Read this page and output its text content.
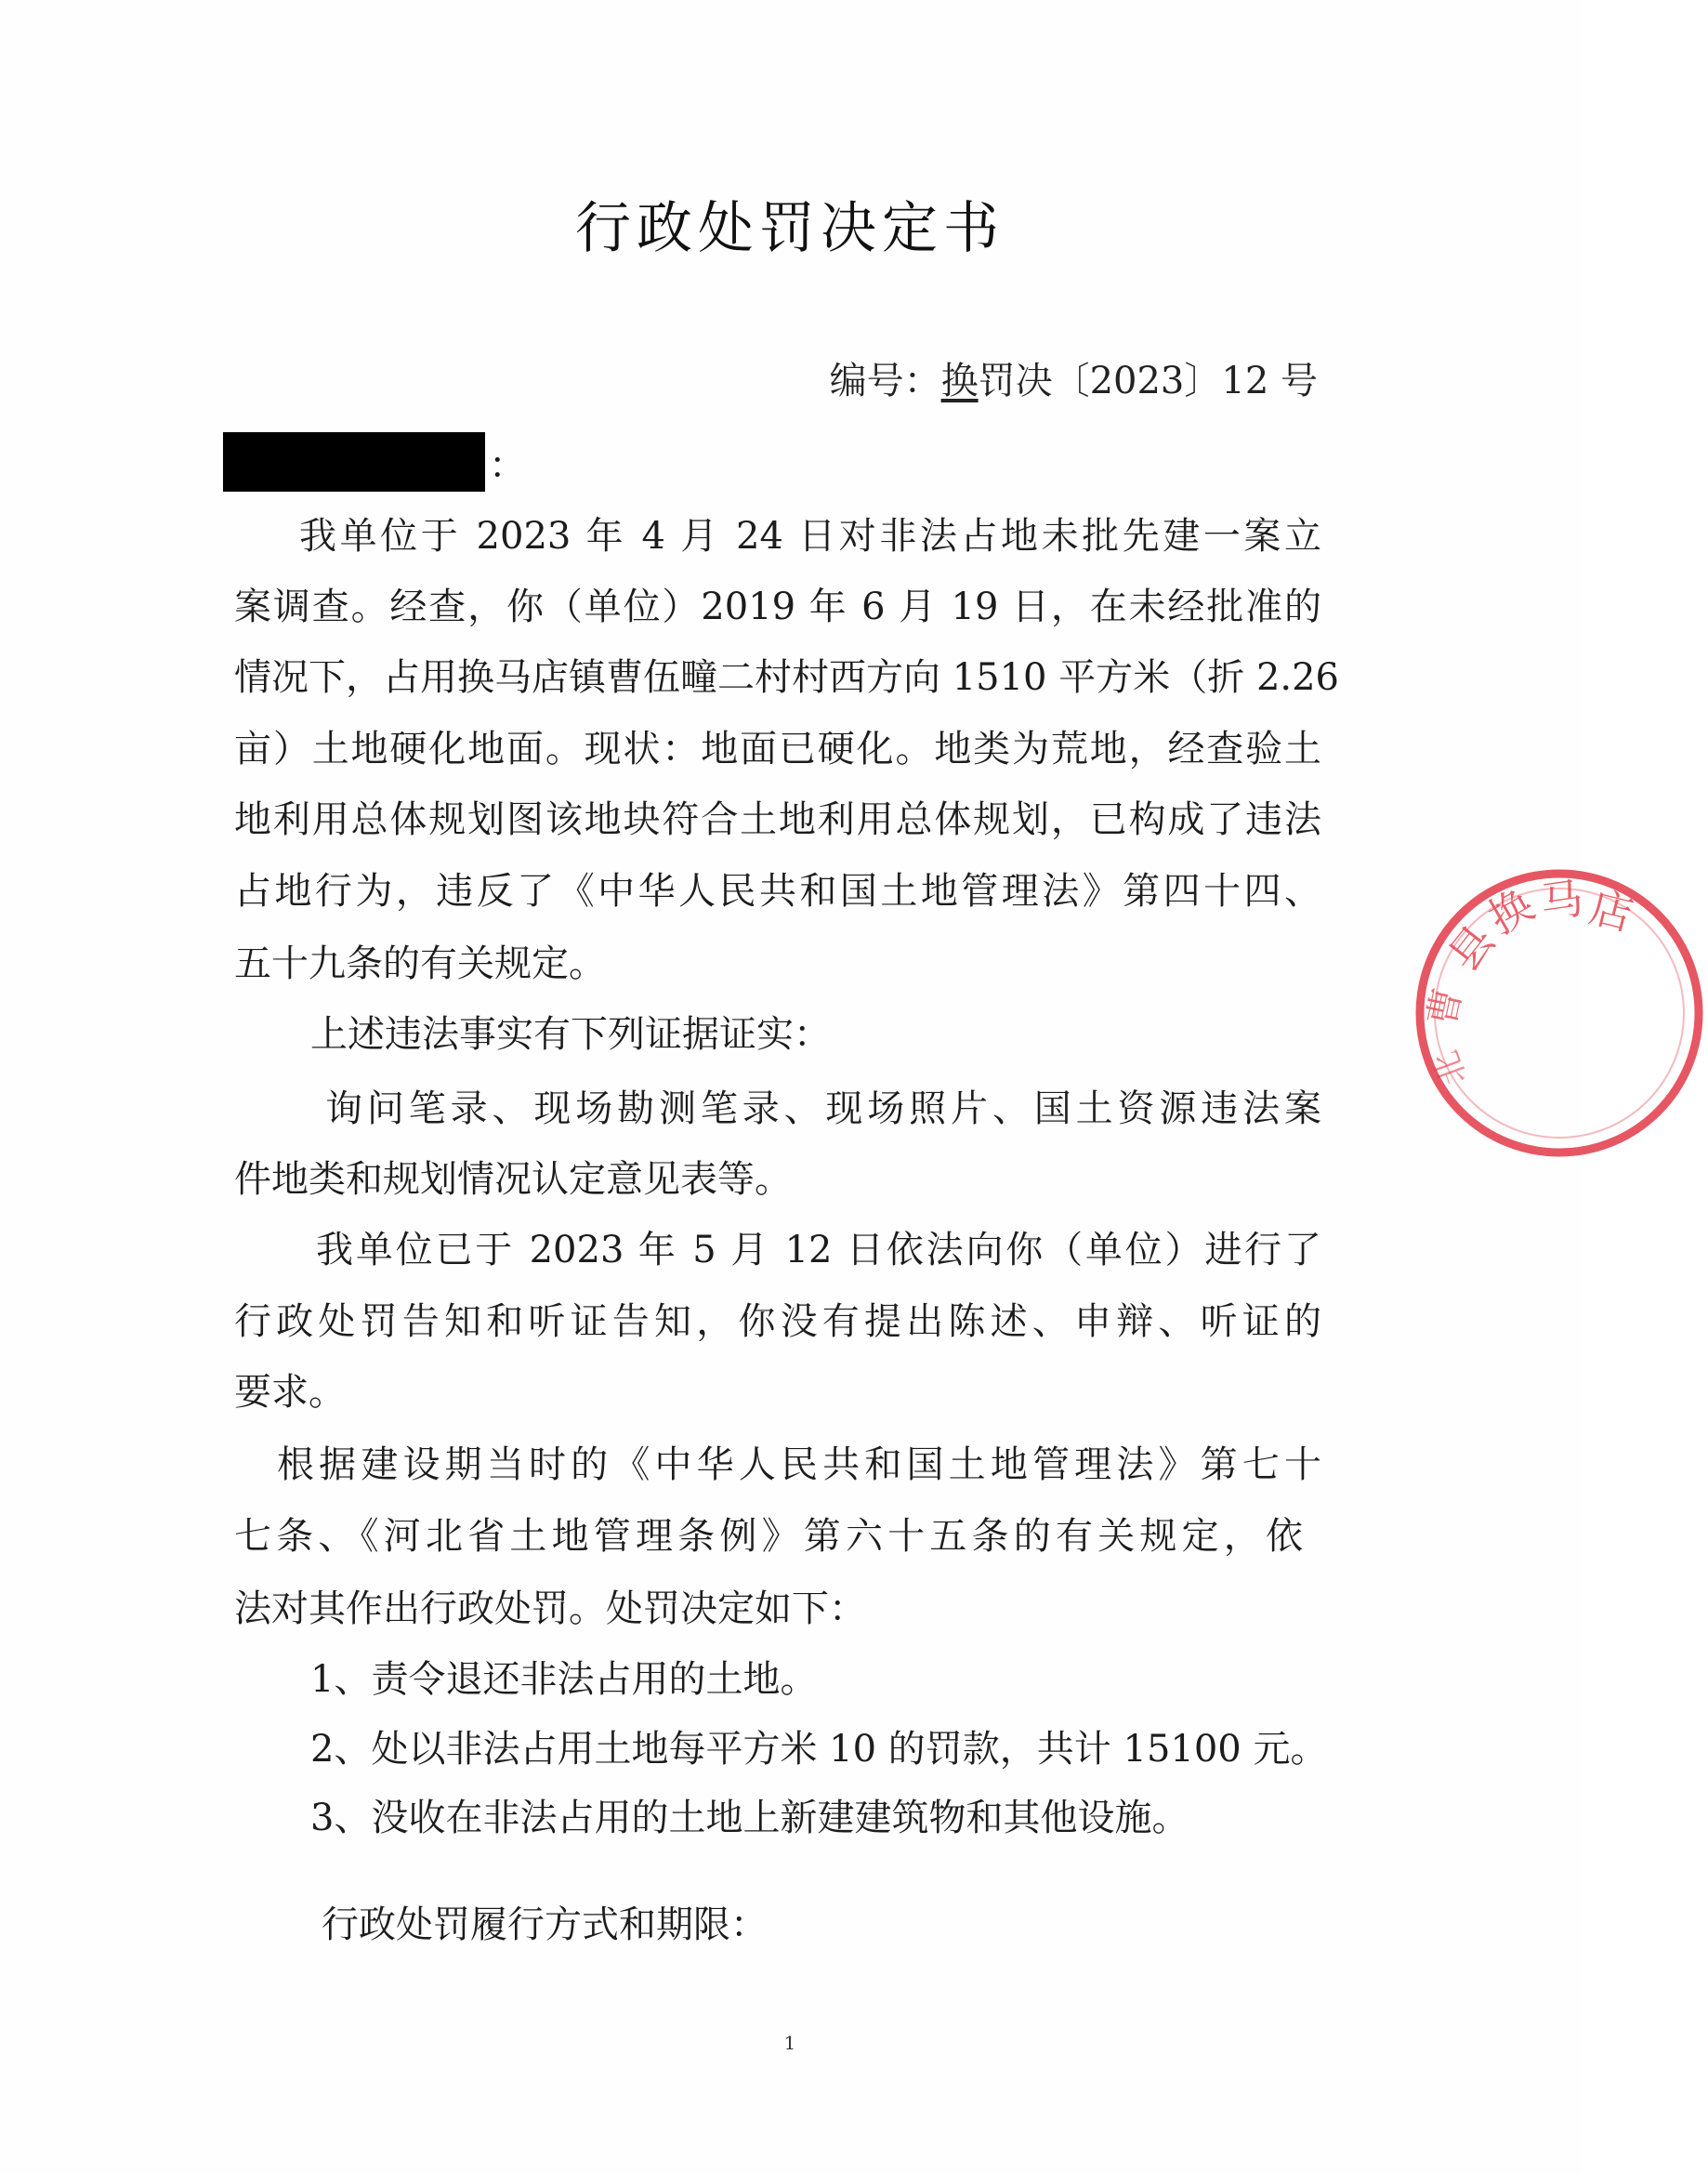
行政处罚决定书
编号：换罚决〔2023〕12 号
：
我单位于 2023 年 4 月 24 日对非法占地未批先建一案立
案调查。经查，你（单位）2019 年 6 月 19 日，在未经批准的
情况下，占用换马店镇曹伍疃二村村西方向 1510 平方米（折 2.26
亩）土地硬化地面。现状：地面已硬化。地类为荒地，经查验土
地利用总体规划图该地块符合土地利用总体规划，已构成了违法
占地行为，违反了《中华人民共和国土地管理法》第四十四、
五十九条的有关规定。
上述违法事实有下列证据证实：
询问笔录、现场勘测笔录、现场照片、国土资源违法案
件地类和规划情况认定意见表等。
我单位已于 2023 年 5 月 12 日依法向你（单位）进行了
行政处罚告知和听证告知，你没有提出陈述、申辩、听证的
要求。
根据建设期当时的《中华人民共和国土地管理法》第七十
七条、《河北省土地管理条例》第六十五条的有关规定，依
法对其作出行政处罚。处罚决定如下：
1、责令退还非法占用的土地。
2、处以非法占用土地每平方米 10 的罚款，共计 15100 元。
3、没收在非法占用的土地上新建建筑物和其他设施。
行政处罚履行方式和期限：
县
换
马
店
曹
北
1
